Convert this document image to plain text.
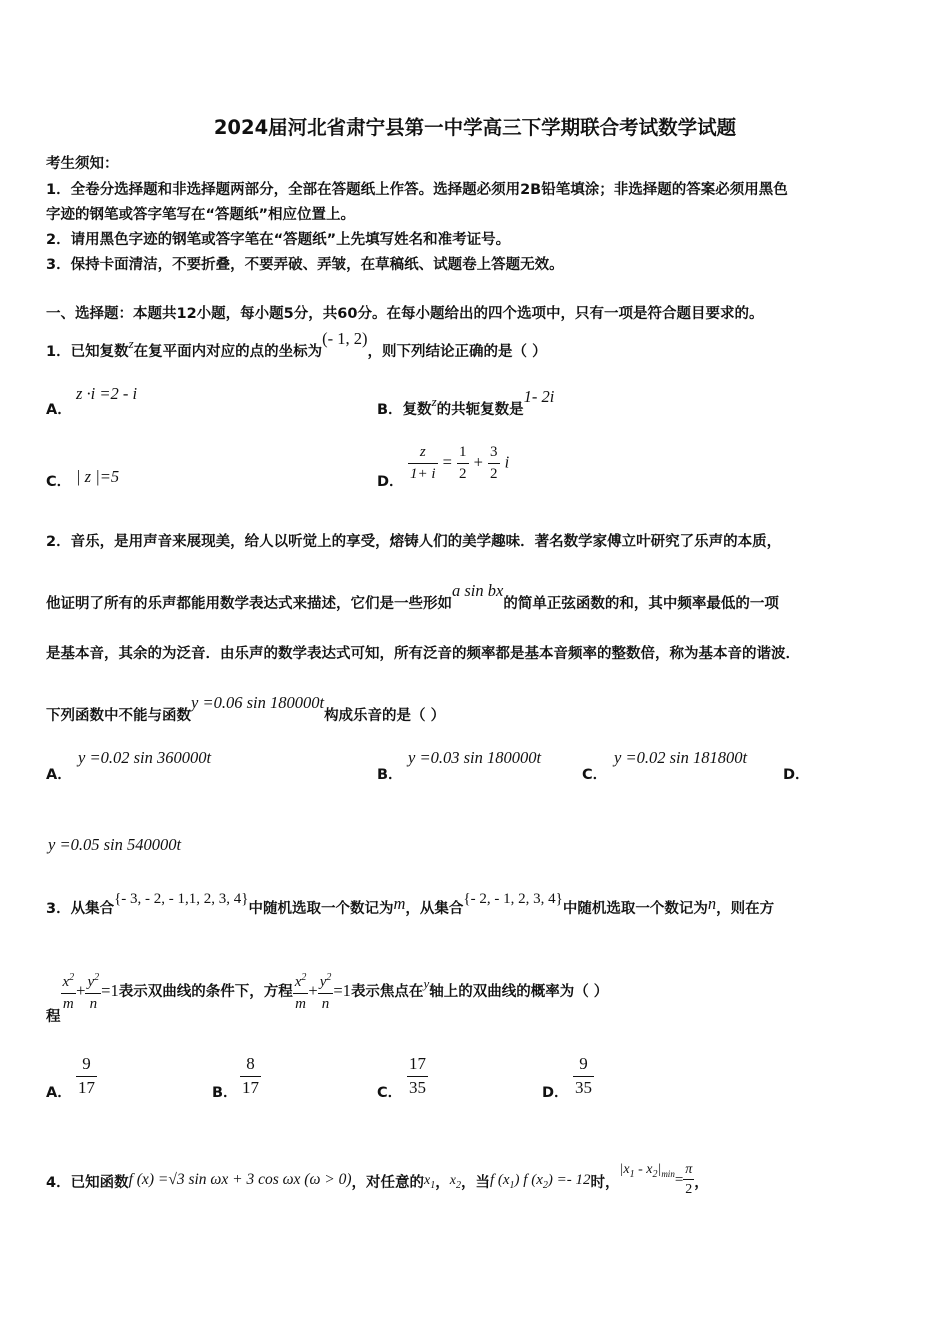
2024届河北省肃宁县第一中学高三下学期联合考试数学试题
考生须知：
1．全卷分选择题和非选择题两部分，全部在答题纸上作答。选择题必须用2B铅笔填涂；非选择题的答案必须用黑色
字迹的钢笔或答字笔写在“答题纸”相应位置上。
2．请用黑色字迹的钢笔或答字笔在“答题纸”上先填写姓名和准考证号。
3．保持卡面清洁，不要折叠，不要弄破、弄皱，在草稿纸、试题卷上答题无效。
一、选择题：本题共12小题，每小题5分，共60分。在每小题给出的四个选项中，只有一项是符合题目要求的。
1．已知复数z在复平面内对应的点的坐标为(- 1, 2)，则下列结论正确的是（ ）
A．
z ·i =2 - i
B．复数z的共轭复数是1- 2i
C． | z |=5	D． $\frac{z}{1+ i} = \frac{1}{2} + \frac{3}{2}$ i
2．音乐，是用声音来展现美，给人以听觉上的享受，熔铸人们的美学趣味．著名数学家傅立叶研究了乐声的本质，
他证明了所有的乐声都能用数学表达式来描述，它们是一些形如a sin bx的简单正弦函数的和，其中频率最低的一项
是基本音，其余的为泛音．由乐声的数学表达式可知，所有泛音的频率都是基本音频率的整数倍，称为基本音的谐波．
下列函数中不能与函数y =0.06 sin 180000t构成乐音的是（ ）
A．
y =0.02 sin 360000t
B．
y =0.03 sin 180000t
C．
y =0.02 sin 181800t
D．
y =0.05 sin 540000t
3．从集合{- 3, - 2, - 1,1, 2, 3, 4}中随机选取一个数记为m，从集合{- 2, - 1, 2, 3, 4}中随机选取一个数记为n，则在方
程
$\frac{x^2}{m} + \frac{y^2}{n} =1$表示双曲线的条件下，方程 $\frac{x^2}{m} + \frac{y^2}{n} =1$表示焦点在y轴上的双曲线的概率为（ ）
A． $\frac{9}{17}$	B． $\frac{8}{17}$	C． $\frac{17}{35}$	D． $\frac{9}{35}$
4．已知函数f (x) =√3 sin ωx + 3 cos ωx (ω > 0)，对任意的$x_1$，$x_2$，当f $(x_1)$ f $(x_2) =- 12$时，$|x_1 - x_2|_{min}= \frac{\pi}{2}$ ，
